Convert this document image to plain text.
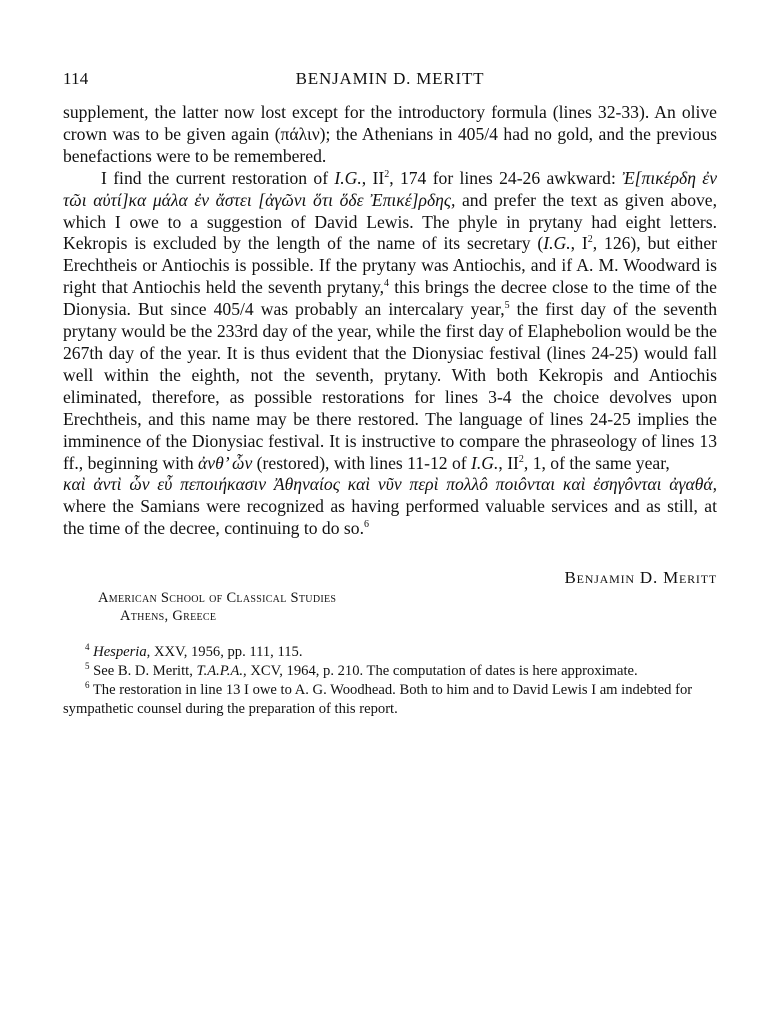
114	BENJAMIN D. MERITT

supplement, the latter now lost except for the introductory formula (lines 32-33). An olive crown was to be given again (πάλιν); the Athenians in 405/4 had no gold, and the previous benefactions were to be remembered.

I find the current restoration of I.G., $II^2$, 174 for lines 24-26 awkward: Ἐ[πικέρδη ἐν τῶι αὐτί]κα μάλα ἐν ἄστει [ἀγῶνι ὅτι ὅδε Ἐπικέ]ρδης, and prefer the text as given above, which I owe to a suggestion of David Lewis. The phyle in prytany had eight letters. Kekropis is excluded by the length of the name of its secretary (I.G., $I^2$, 126), but either Erechtheis or Antiochis is possible. If the prytany was Antiochis, and if A. M. Woodward is right that Antiochis held the seventh prytany,$^4$ this brings the decree close to the time of the Dionysia. But since 405/4 was probably an intercalary year,$^5$ the first day of the seventh prytany would be the 233rd day of the year, while the first day of Elaphebolion would be the 267th day of the year. It is thus evident that the Dionysiac festival (lines 24-25) would fall well within the eighth, not the seventh, prytany. With both Kekropis and Antiochis eliminated, therefore, as possible restorations for lines 3-4 the choice devolves upon Erechtheis, and this name may be there restored. The language of lines 24-25 implies the imminence of the Dionysiac festival. It is instructive to compare the phraseology of lines 13 ff., beginning with ἀνθ’ ὧν (restored), with lines 11-12 of I.G., $II^2$, 1, of the same year,

καὶ ἀντὶ ὧν εὖ πεποιήκασιν Ἀθηναίος καὶ νῦν περὶ πολλô ποιôνται καὶ ἐσηγôνται ἀγαθά, where the Samians were recognized as having performed valuable services and as still, at the time of the decree, continuing to do so.$^6$

Benjamin D. Meritt
American School of Classical Studies
Athens, Greece
$^4$ Hesperia, XXV, 1956, pp. 111, 115.
$^5$ See B. D. Meritt, T.A.P.A., XCV, 1964, p. 210. The computation of dates is here approximate.
$^6$ The restoration in line 13 I owe to A. G. Woodhead. Both to him and to David Lewis I am indebted for sympathetic counsel during the preparation of this report.
